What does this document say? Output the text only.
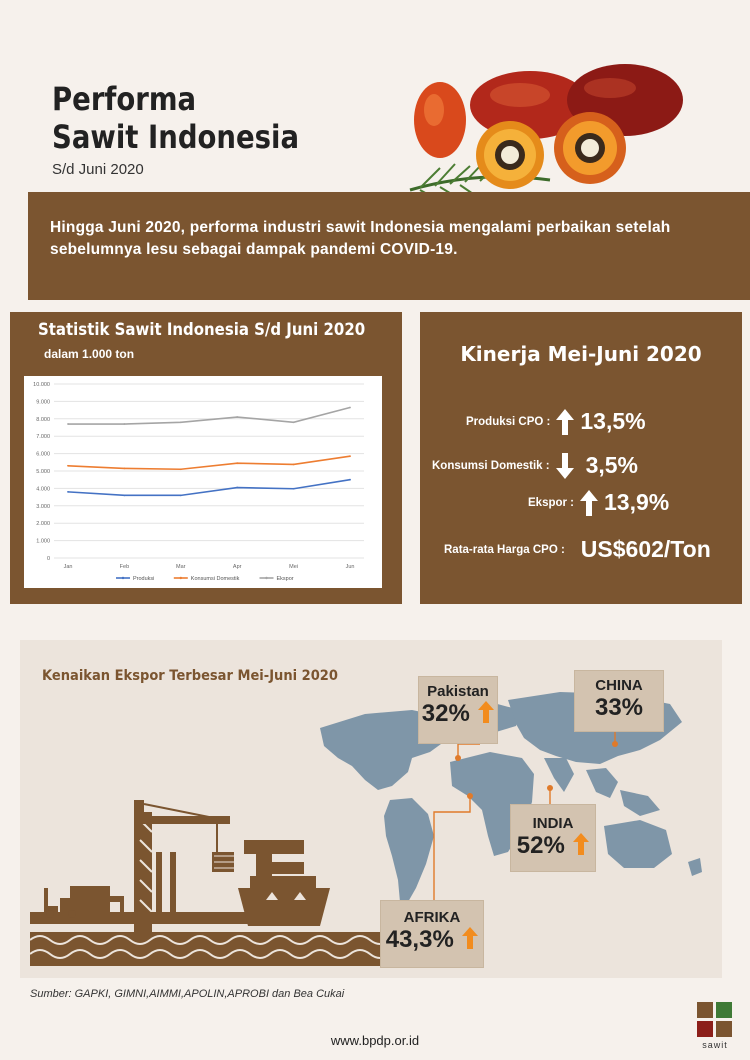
Performa
Sawit Indonesia
S/d Juni 2020
Hingga Juni 2020, performa industri sawit Indonesia mengalami perbaikan setelah sebelumnya lesu sebagai dampak pandemi COVID-19.
Statistik Sawit Indonesia S/d Juni 2020
dalam 1.000 ton
0
1.000
2.000
3.000
4.000
5.000
6.000
7.000
8.000
9.000
10.000
Jan	Feb	Mar	Apr	Mei	Jun
Produksi	Konsumsi Domestik	Ekspor
Kinerja Mei-Juni 2020
Produksi CPO : 13,5%
Konsumsi Domestik : 3,5%
Ekspor : 13,9%
Rata-rata Harga CPO : US$602/Ton
Kenaikan Ekspor Terbesar Mei-Juni 2020
Pakistan
32%
CHINA
33%
INDIA
52%
AFRIKA
43,3%
Sumber: GAPKI, GIMNI,AIMMI,APOLIN,APROBI dan Bea Cukai
www.bpdp.or.id	sawit
